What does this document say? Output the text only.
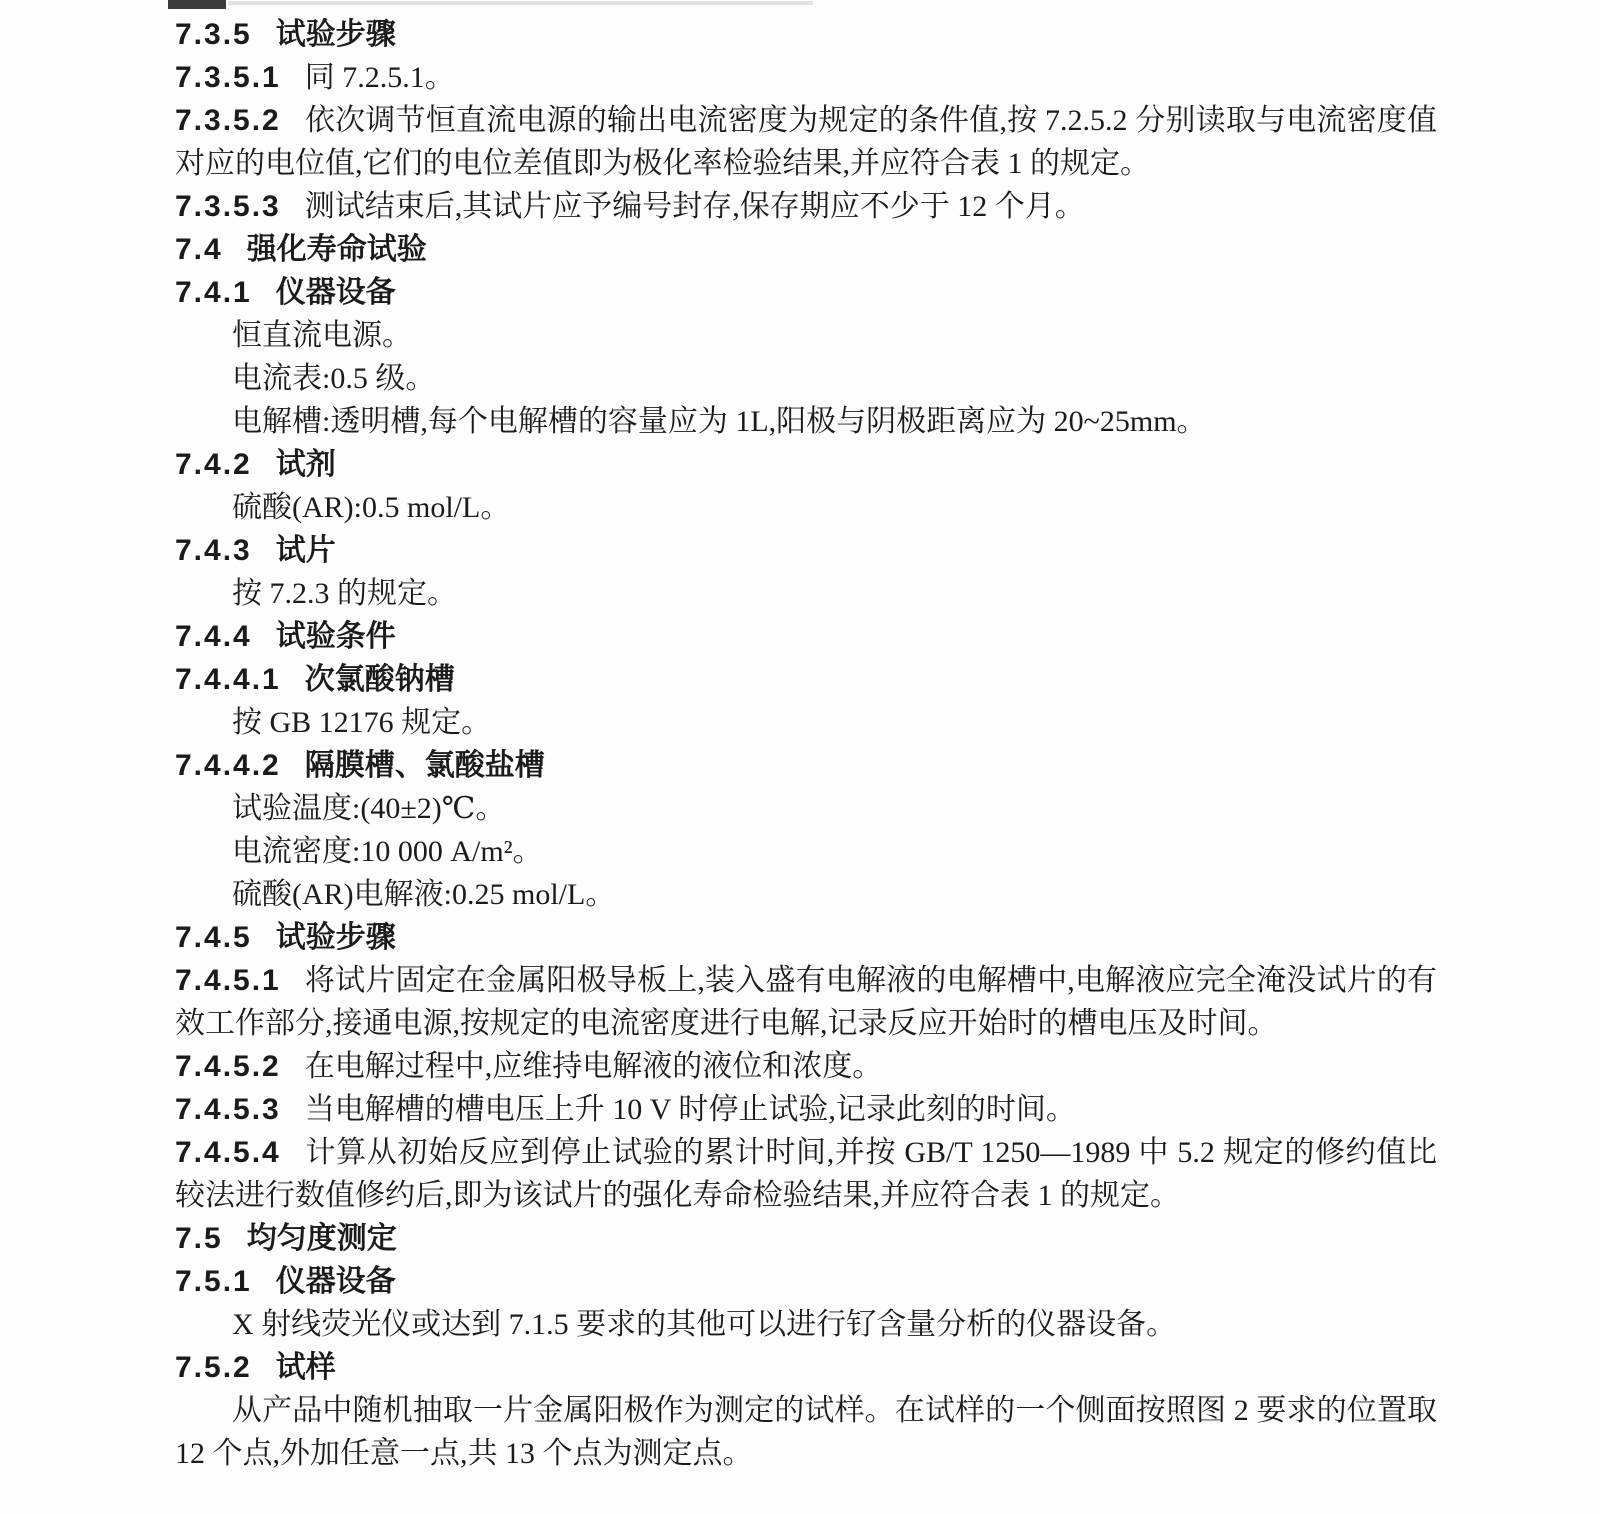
7.3.5 试验步骤

7.3.5.1 同 7.2.5.1。

7.3.5.2 依次调节恒直流电源的输出电流密度为规定的条件值,按 7.2.5.2 分别读取与电流密度值对应的电位值,它们的电位差值即为极化率检验结果,并应符合表 1 的规定。

7.3.5.3 测试结束后,其试片应予编号封存,保存期应不少于 12 个月。

7.4 强化寿命试验

7.4.1 仪器设备

恒直流电源。

电流表:0.5 级。

电解槽:透明槽,每个电解槽的容量应为 1L,阳极与阴极距离应为 20~25mm。

7.4.2 试剂

硫酸(AR):0.5 mol/L。

7.4.3 试片

按 7.2.3 的规定。

7.4.4 试验条件

7.4.4.1 次氯酸钠槽

按 GB 12176 规定。

7.4.4.2 隔膜槽、氯酸盐槽

试验温度:(40±2)℃。

电流密度:10 000 A/m²。

硫酸(AR)电解液:0.25 mol/L。

7.4.5 试验步骤

7.4.5.1 将试片固定在金属阳极导板上,装入盛有电解液的电解槽中,电解液应完全淹没试片的有效工作部分,接通电源,按规定的电流密度进行电解,记录反应开始时的槽电压及时间。

7.4.5.2 在电解过程中,应维持电解液的液位和浓度。

7.4.5.3 当电解槽的槽电压上升 10 V 时停止试验,记录此刻的时间。

7.4.5.4 计算从初始反应到停止试验的累计时间,并按 GB/T 1250—1989 中 5.2 规定的修约值比较法进行数值修约后,即为该试片的强化寿命检验结果,并应符合表 1 的规定。

7.5 均匀度测定

7.5.1 仪器设备

X 射线荧光仪或达到 7.1.5 要求的其他可以进行钌含量分析的仪器设备。

7.5.2 试样

从产品中随机抽取一片金属阳极作为测定的试样。在试样的一个侧面按照图 2 要求的位置取 12 个点,外加任意一点,共 13 个点为测定点。
